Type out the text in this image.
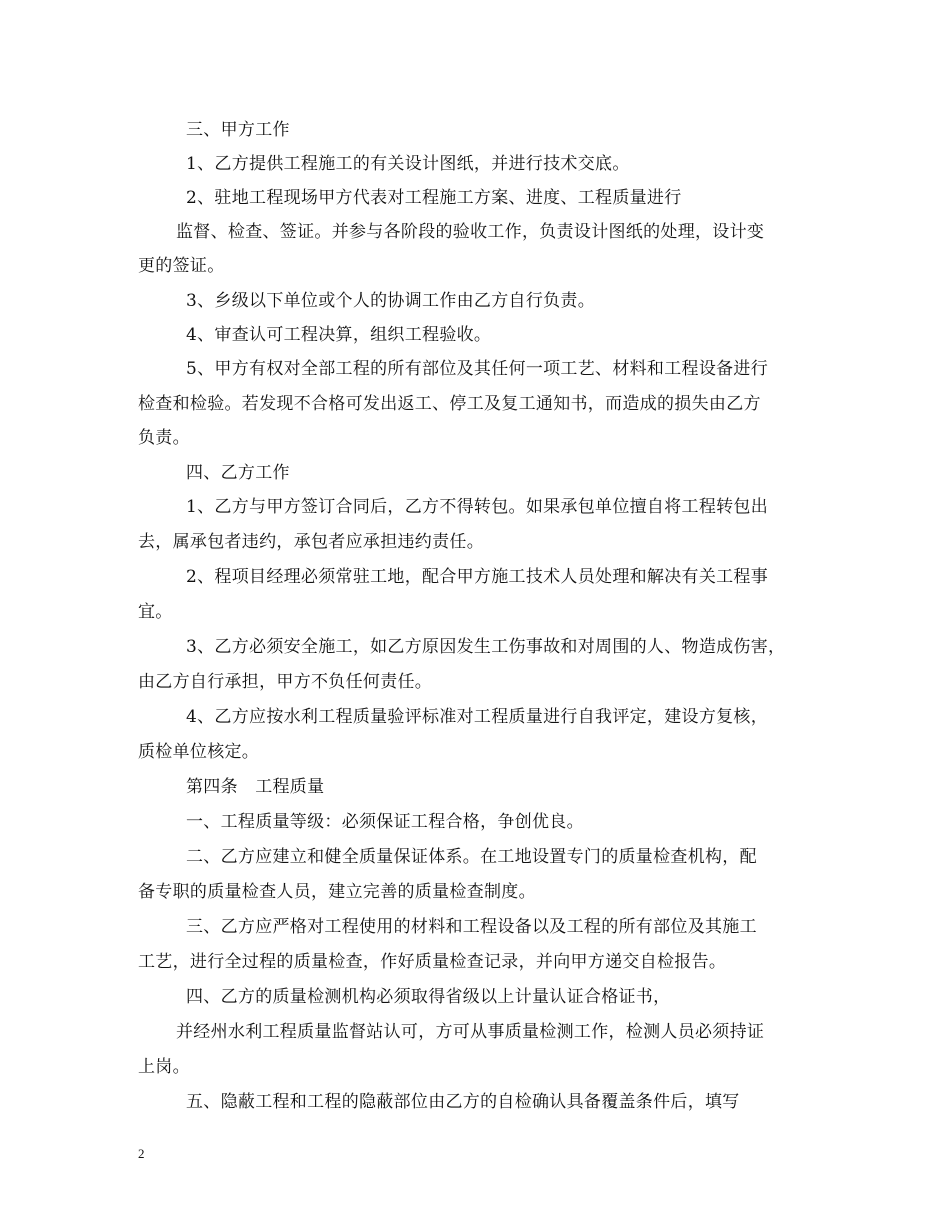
三、甲方工作
1、乙方提供工程施工的有关设计图纸，并进行技术交底。
2、驻地工程现场甲方代表对工程施工方案、进度、工程质量进行
监督、检查、签证。并参与各阶段的验收工作，负责设计图纸的处理，设计变
更的签证。
3、乡级以下单位或个人的协调工作由乙方自行负责。
4、审查认可工程决算，组织工程验收。
5、甲方有权对全部工程的所有部位及其任何一项工艺、材料和工程设备进行
检查和检验。若发现不合格可发出返工、停工及复工通知书，而造成的损失由乙方
负责。
四、乙方工作
1、乙方与甲方签订合同后，乙方不得转包。如果承包单位擅自将工程转包出
去，属承包者违约，承包者应承担违约责任。
2、程项目经理必须常驻工地，配合甲方施工技术人员处理和解决有关工程事
宜。
3、乙方必须安全施工，如乙方原因发生工伤事故和对周围的人、物造成伤害，
由乙方自行承担，甲方不负任何责任。
4、乙方应按水利工程质量验评标准对工程质量进行自我评定，建设方复核，
质检单位核定。
第四条　工程质量
一、工程质量等级：必须保证工程合格，争创优良。
二、乙方应建立和健全质量保证体系。在工地设置专门的质量检查机构，配
备专职的质量检查人员，建立完善的质量检查制度。
三、乙方应严格对工程使用的材料和工程设备以及工程的所有部位及其施工
工艺，进行全过程的质量检查，作好质量检查记录，并向甲方递交自检报告。
四、乙方的质量检测机构必须取得省级以上计量认证合格证书，
并经州水利工程质量监督站认可，方可从事质量检测工作，检测人员必须持证
上岗。
五、隐蔽工程和工程的隐蔽部位由乙方的自检确认具备覆盖条件后，填写
2
